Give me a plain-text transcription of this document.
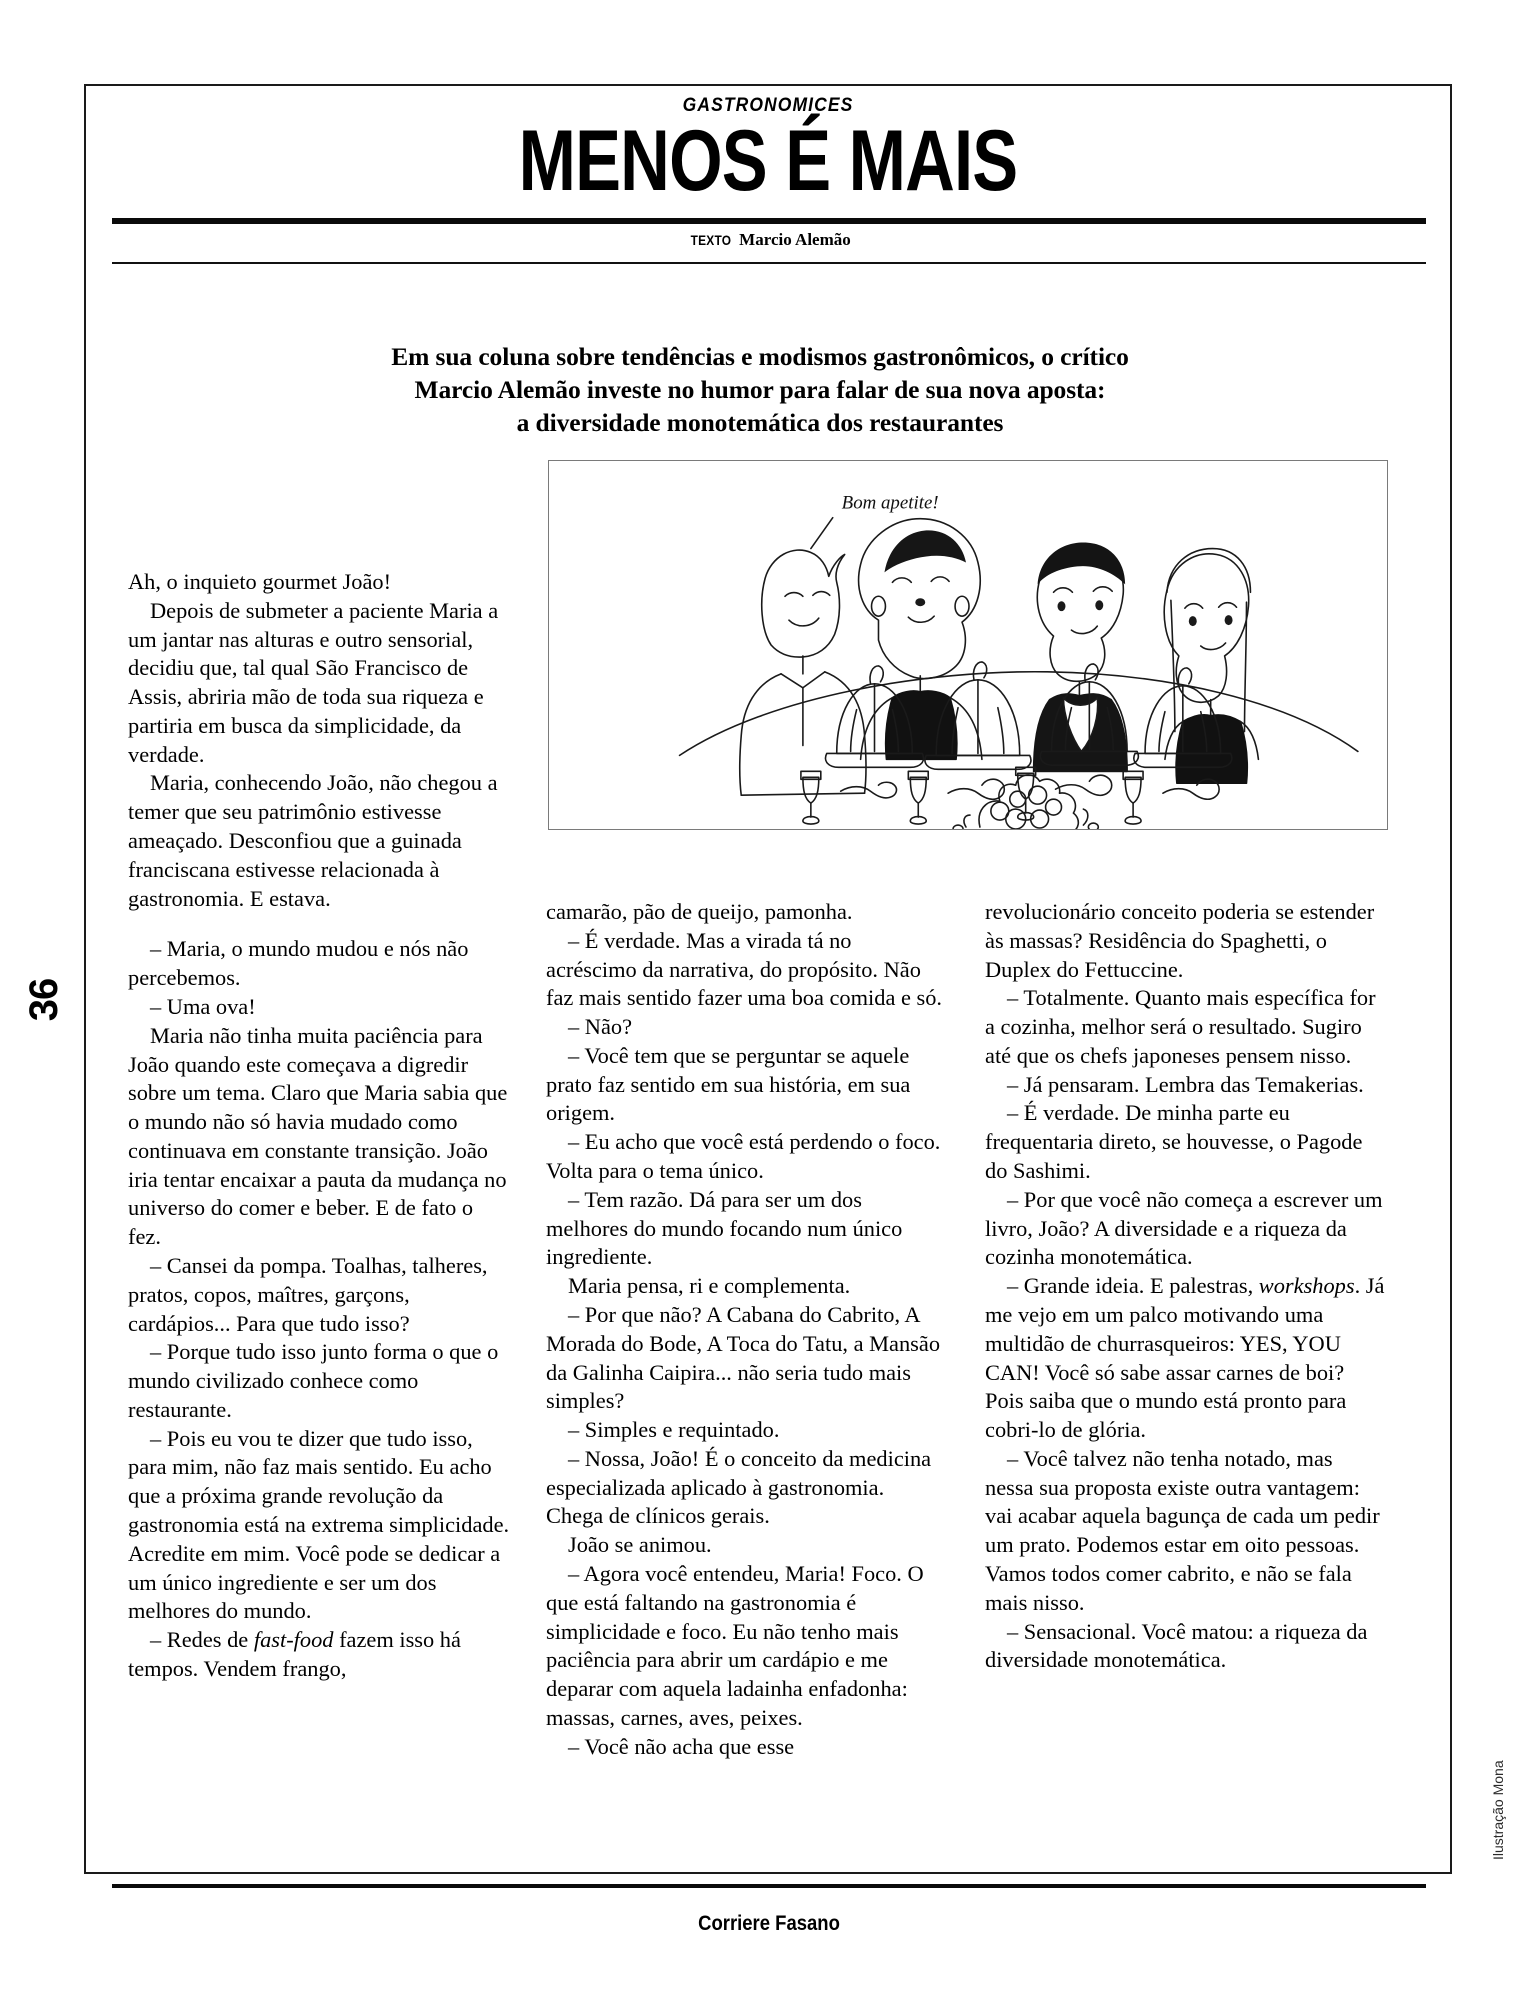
36
Ilustração Mona
GASTRONOMICES
MENOS É MAIS
TEXTO Marcio Alemão
Em sua coluna sobre tendências e modismos gastronômicos, o crítico
Marcio Alemão investe no humor para falar de sua nova aposta:
a diversidade monotemática dos restaurantes
Bom apetite!

Ah, o inquieto gourmet João!

Depois de submeter a paciente Maria a um jantar nas alturas e outro sensorial, decidiu que, tal qual São Francisco de Assis, abriria mão de toda sua riqueza e partiria em busca da simplicidade, da verdade.

Maria, conhecendo João, não chegou a temer que seu patrimônio estivesse ameaçado. Desconfiou que a guinada franciscana estivesse relacionada à gastronomia. E estava.

– Maria, o mundo mudou e nós não percebemos.

– Uma ova!

Maria não tinha muita paciência para João quando este começava a digredir sobre um tema. Claro que Maria sabia que o mundo não só havia mudado como continuava em constante transição. João iria tentar encaixar a pauta da mudança no universo do comer e beber. E de fato o fez.

– Cansei da pompa. Toalhas, talheres, pratos, copos, maîtres, garçons, cardápios... Para que tudo isso?

– Porque tudo isso junto forma o que o mundo civilizado conhece como restaurante.

– Pois eu vou te dizer que tudo isso, para mim, não faz mais sentido. Eu acho que a próxima grande revolução da gastronomia está na extrema simplicidade. Acredite em mim. Você pode se dedicar a um único ingrediente e ser um dos melhores do mundo.

– Redes de fast-food fazem isso há tempos. Vendem frango,

camarão, pão de queijo, pamonha.

– É verdade. Mas a virada tá no acréscimo da narrativa, do propósito. Não faz mais sentido fazer uma boa comida e só.

– Não?

– Você tem que se perguntar se aquele prato faz sentido em sua história, em sua origem.

– Eu acho que você está perdendo o foco. Volta para o tema único.

– Tem razão. Dá para ser um dos melhores do mundo focando num único ingrediente.

Maria pensa, ri e complementa.

– Por que não? A Cabana do Cabrito, A Morada do Bode, A Toca do Tatu, a Mansão da Galinha Caipira... não seria tudo mais simples?

– Simples e requintado.

– Nossa, João! É o conceito da medicina especializada aplicado à gastronomia. Chega de clínicos gerais.

João se animou.

– Agora você entendeu, Maria! Foco. O que está faltando na gastronomia é simplicidade e foco. Eu não tenho mais paciência para abrir um cardápio e me deparar com aquela ladainha enfadonha: massas, carnes, aves, peixes.

– Você não acha que esse

revolucionário conceito poderia se estender às massas? Residência do Spaghetti, o Duplex do Fettuccine.

– Totalmente. Quanto mais específica for a cozinha, melhor será o resultado. Sugiro até que os chefs japoneses pensem nisso.

– Já pensaram. Lembra das Temakerias.

– É verdade. De minha parte eu frequentaria direto, se houvesse, o Pagode do Sashimi.

– Por que você não começa a escrever um livro, João? A diversidade e a riqueza da cozinha monotemática.

– Grande ideia. E palestras, workshops. Já me vejo em um palco motivando uma multidão de churrasqueiros: YES, YOU CAN! Você só sabe assar carnes de boi? Pois saiba que o mundo está pronto para cobri-lo de glória.

– Você talvez não tenha notado, mas nessa sua proposta existe outra vantagem: vai acabar aquela bagunça de cada um pedir um prato. Podemos estar em oito pessoas. Vamos todos comer cabrito, e não se fala mais nisso.

– Sensacional. Você matou: a riqueza da diversidade monotemática.

Corriere Fasano
